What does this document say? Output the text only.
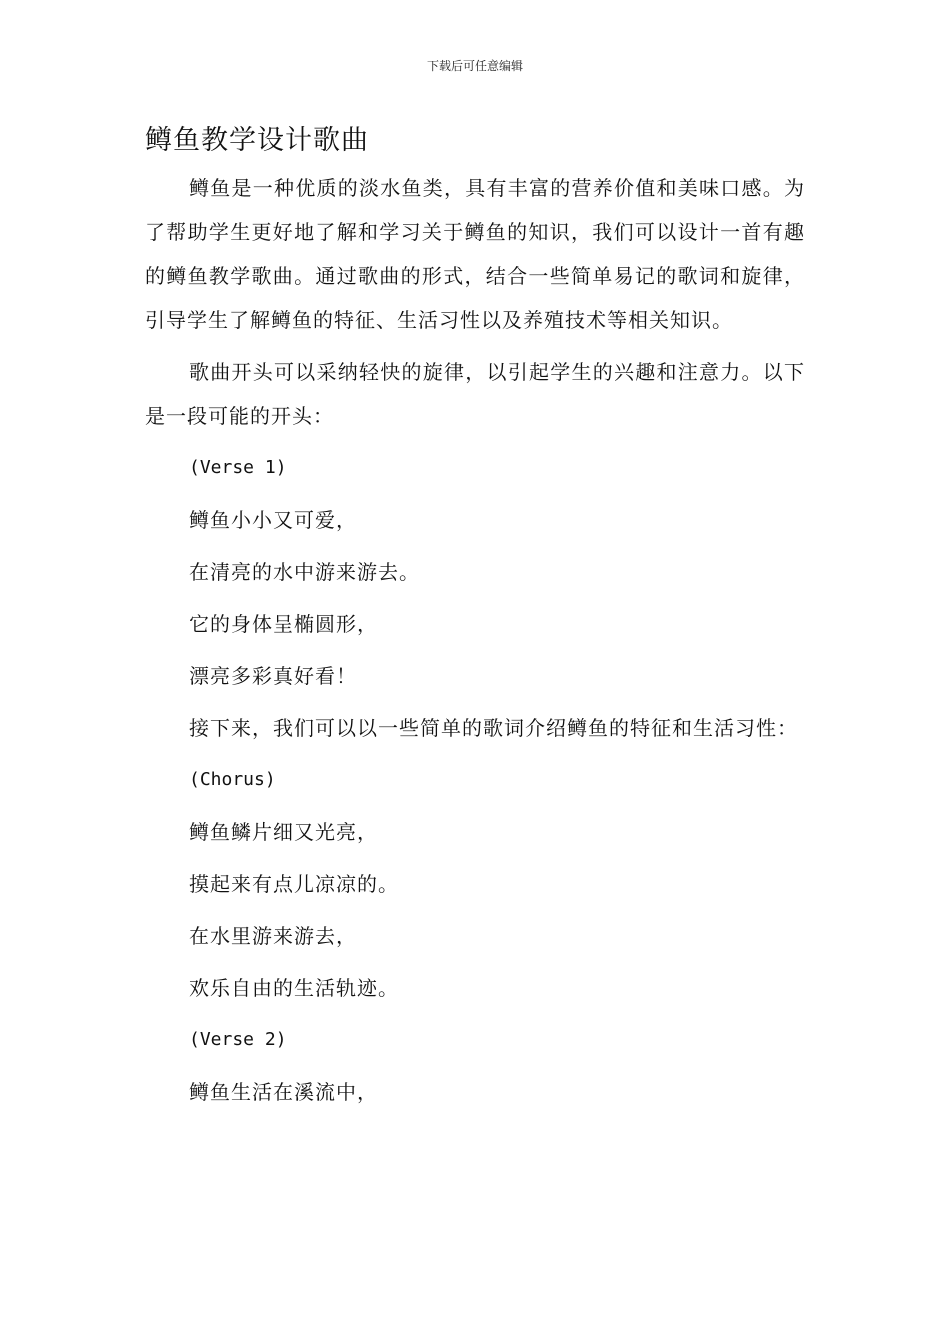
下载后可任意编辑
鳟鱼教学设计歌曲

鳟鱼是一种优质的淡水鱼类，具有丰富的营养价值和美味口感。为了帮助学生更好地了解和学习关于鳟鱼的知识，我们可以设计一首有趣的鳟鱼教学歌曲。通过歌曲的形式，结合一些简单易记的歌词和旋律，引导学生了解鳟鱼的特征、生活习性以及养殖技术等相关知识。

歌曲开头可以采纳轻快的旋律，以引起学生的兴趣和注意力。以下是一段可能的开头：

(Verse 1)

鳟鱼小小又可爱，

在清亮的水中游来游去。

它的身体呈椭圆形，

漂亮多彩真好看！

接下来，我们可以以一些简单的歌词介绍鳟鱼的特征和生活习性：

(Chorus)

鳟鱼鳞片细又光亮，

摸起来有点儿凉凉的。

在水里游来游去，

欢乐自由的生活轨迹。

(Verse 2)

鳟鱼生活在溪流中，
